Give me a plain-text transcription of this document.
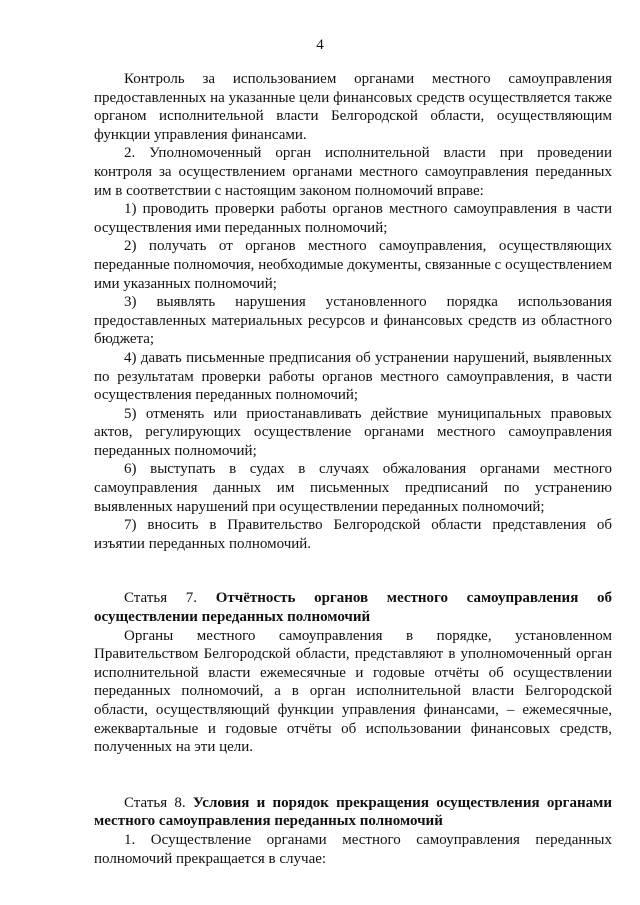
4

Контроль за использованием органами местного самоуправления предоставленных на указанные цели финансовых средств осуществляется также органом исполнительной власти Белгородской области, осуществляющим функции управления финансами.

2. Уполномоченный орган исполнительной власти при проведении контроля за осуществлением органами местного самоуправления переданных им в соответствии с настоящим законом полномочий вправе:

1) проводить проверки работы органов местного самоуправления в части осуществления ими переданных полномочий;

2) получать от органов местного самоуправления, осуществляющих переданные полномочия, необходимые документы, связанные с осуществлением ими указанных полномочий;

3) выявлять нарушения установленного порядка использования предоставленных материальных ресурсов и финансовых средств из областного бюджета;

4) давать письменные предписания об устранении нарушений, выявленных по результатам проверки работы органов местного самоуправления, в части осуществления переданных полномочий;

5) отменять или приостанавливать действие муниципальных правовых актов, регулирующих осуществление органами местного самоуправления переданных полномочий;

6) выступать в судах в случаях обжалования органами местного самоуправления данных им письменных предписаний по устранению выявленных нарушений при осуществлении переданных полномочий;

7) вносить в Правительство Белгородской области представления об изъятии переданных полномочий.

Статья 7. Отчётность органов местного самоуправления об осуществлении переданных полномочий

Органы местного самоуправления в порядке, установленном Правительством Белгородской области, представляют в уполномоченный орган исполнительной власти ежемесячные и годовые отчёты об осуществлении переданных полномочий, а в орган исполнительной власти Белгородской области, осуществляющий функции управления финансами, – ежемесячные, ежеквартальные и годовые отчёты об использовании финансовых средств, полученных на эти цели.

Статья 8. Условия и порядок прекращения осуществления органами местного самоуправления переданных полномочий

1. Осуществление органами местного самоуправления переданных полномочий прекращается в случае:
